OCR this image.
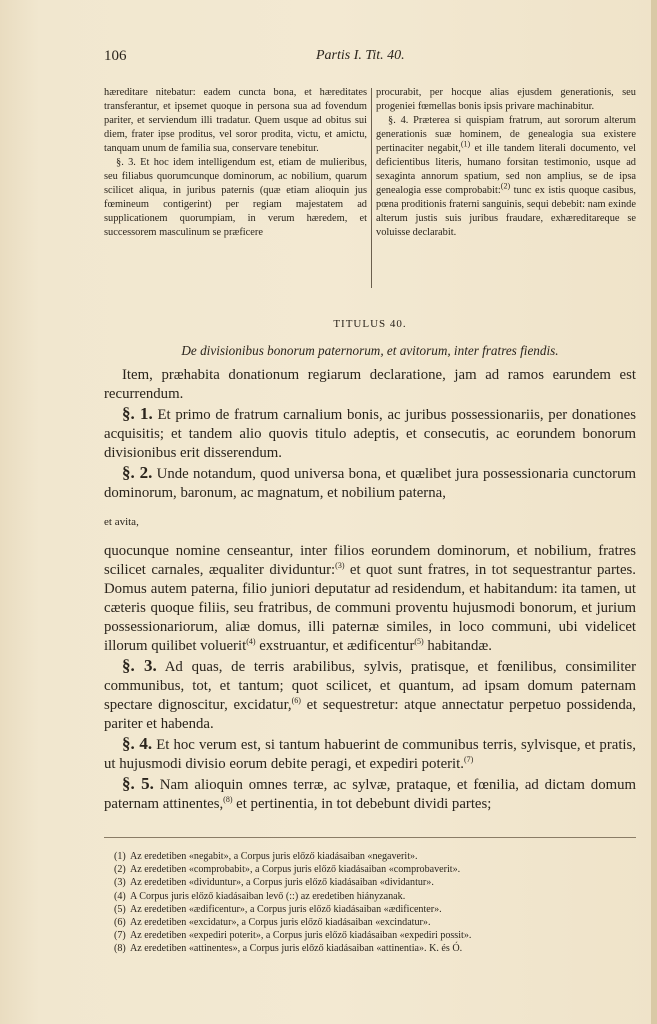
106	Partis I. Tit. 40.

hæreditare nitebatur: eadem cuncta bona, et hæreditates transferantur, et ipsemet quoque in persona sua ad fovendum pariter, et serviendum illi tradatur. Quem usque ad obitus sui diem, frater ipse proditus, vel soror prodita, victu, et amictu, tanquam unum de familia sua, conservare tenebitur.

§. 3. Et hoc idem intelligendum est, etiam de mulieribus, seu filiabus quorumcunque dominorum, ac nobilium, quarum scilicet aliqua, in juribus paternis (quæ etiam alioquin jus fœmineum contigerint) per regiam majestatem ad supplicationem quorumpiam, in verum hæredem, et successorem masculinum se præficere

procurabit, per hocque alias ejusdem generationis, seu progeniei fœmellas bonis ipsis privare machinabitur.

§. 4. Præterea si quispiam fratrum, aut sororum alterum generationis suæ hominem, de genealogia sua existere pertinaciter negabit,$^{(1)}$ et ille tandem literali documento, vel deficientibus literis, humano forsitan testimonio, usque ad sexaginta annorum spatium, sed non amplius, se de ipsa genealogia esse comprobabit:$^{(2)}$ tunc ex istis quoque casibus, pœna proditionis fraterni sanguinis, sequi debebit: nam exinde alterum justis suis juribus fraudare, exhæreditareque se voluisse declarabit.

TITULUS 40.
De divisionibus bonorum paternorum, et avitorum, inter fratres fiendis.

Item, præhabita donationum regiarum declaratione, jam ad ramos earundem est recurrendum.

§. 1. Et primo de fratrum carnalium bonis, ac juribus possessionariis, per donationes acquisitis; et tandem alio quovis titulo adeptis, et consecutis, ac eorundem bonorum divisionibus erit disserendum.

§. 2. Unde notandum, quod universa bona, et quælibet jura possessionaria cunctorum dominorum, baronum, ac magnatum, et nobilium paterna,

et avita,

quocunque nomine censeantur, inter filios eorundem dominorum, et nobilium, fratres scilicet carnales, æqualiter dividuntur:$^{(3)}$ et quot sunt fratres, in tot sequestrantur partes. Domus autem paterna, filio juniori deputatur ad residendum, et habitandum: ita tamen, ut cæteris quoque filiis, seu fratribus, de communi proventu hujusmodi bonorum, et jurium possessionariorum, aliæ domus, illi paternæ similes, in loco communi, ubi videlicet illorum quilibet voluerit$^{(4)}$ exstruantur, et ædificentur$^{(5)}$ habitandæ.

§. 3. Ad quas, de terris arabilibus, sylvis, pratisque, et fœnilibus, consimiliter communibus, tot, et tantum; quot scilicet, et quantum, ad ipsam domum paternam spectare dignoscitur, excidatur,$^{(6)}$ et sequestretur: atque annectatur perpetuo possidenda, pariter et habenda.

§. 4. Et hoc verum est, si tantum habuerint de communibus terris, sylvisque, et pratis, ut hujusmodi divisio eorum debite peragi, et expediri poterit.$^{(7)}$

§. 5. Nam alioquin omnes terræ, ac sylvæ, prataque, et fœnilia, ad dictam domum paternam attinentes,$^{(8)}$ et pertinentia, in tot debebunt dividi partes;

(1) Az eredetiben «negabit», a Corpus juris előző kiadásaiban «negaverit».
(2) Az eredetiben «comprobabit», a Corpus juris előző kiadásaiban «comprobaverit».
(3) Az eredetiben «dividuntur», a Corpus juris előző kiadásaiban «dividantur».
(4) A Corpus juris előző kiadásaiban levő (::) az eredetiben hiányzanak.
(5) Az eredetiben «ædificentur», a Corpus juris előző kiadásaiban «ædificenter».
(6) Az eredetiben «excidatur», a Corpus juris előző kiadásaiban «excindatur».
(7) Az eredetiben «expediri poterit», a Corpus juris előző kiadásaiban «expediri possit».
(8) Az eredetiben «attinentes», a Corpus juris előző kiadásaiban «attinentia». K. és Ó.
